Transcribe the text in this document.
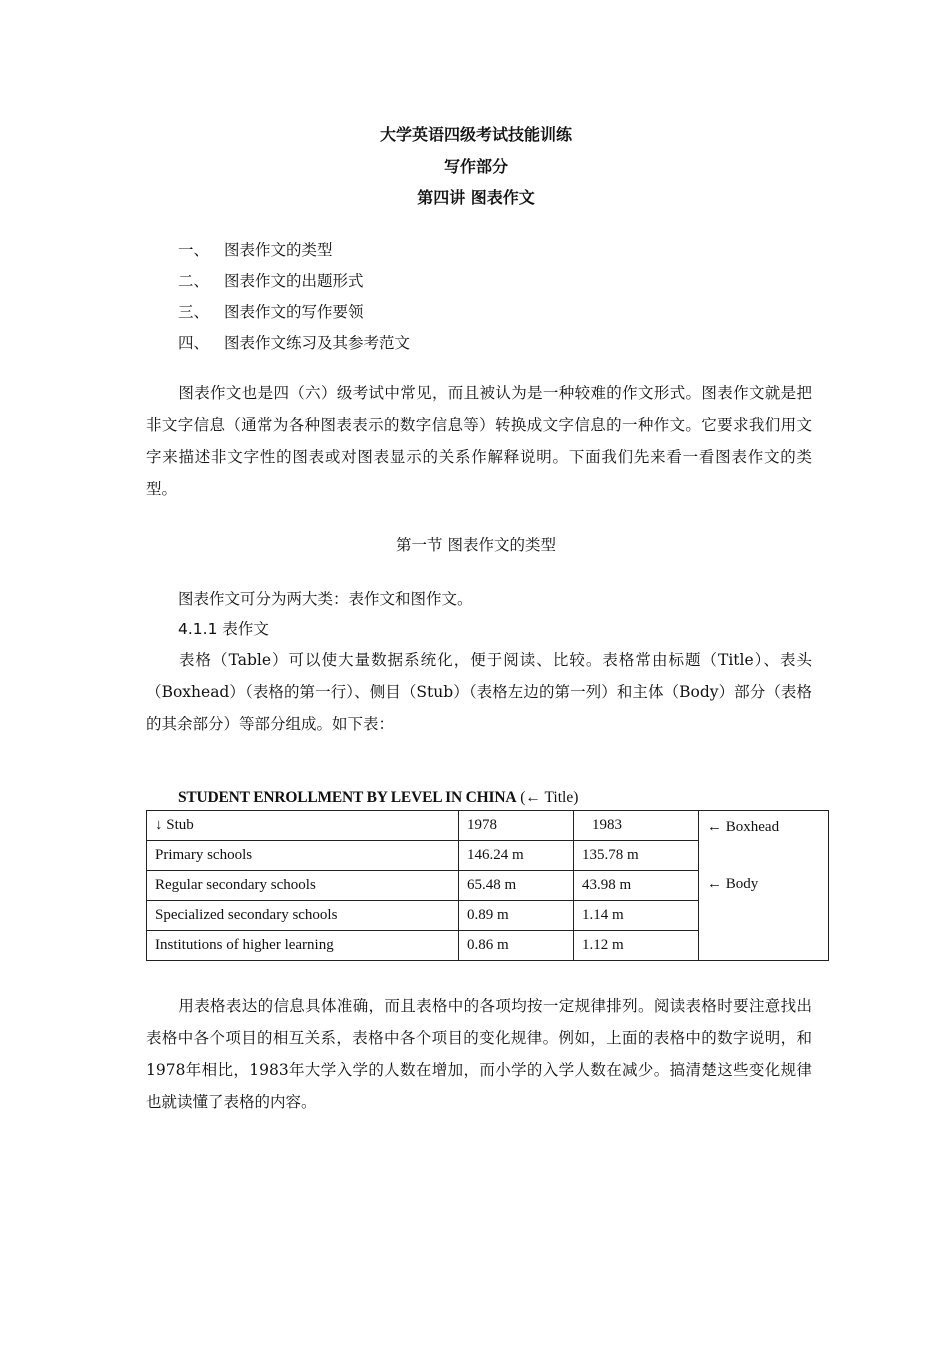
大学英语四级考试技能训练
写作部分
第四讲 图表作文
一、 图表作文的类型
二、 图表作文的出题形式
三、 图表作文的写作要领
四、 图表作文练习及其参考范文
图表作文也是四（六）级考试中常见，而且被认为是一种较难的作文形式。图表作文就是把非文字信息（通常为各种图表表示的数字信息等）转换成文字信息的一种作文。它要求我们用文字来描述非文字性的图表或对图表显示的关系作解释说明。下面我们先来看一看图表作文的类型。
第一节 图表作文的类型
图表作文可分为两大类：表作文和图作文。
4.1.1 表作文
表格（Table）可以使大量数据系统化，便于阅读、比较。表格常由标题（Title）、表头（Boxhead）（表格的第一行）、侧目（Stub）（表格左边的第一列）和主体（Body）部分（表格的其余部分）等部分组成。如下表：
STUDENT ENROLLMENT BY LEVEL IN CHINA (← Title)
↓ Stub	1978	1983	← Boxhead
← Body

Primary schools	146.24 m	135.78 m	
Regular secondary schools	65.48 m	43.98 m	
Specialized secondary schools	0.89 m	1.14 m	
Institutions of higher learning	0.86 m	1.12 m	
用表格表达的信息具体准确，而且表格中的各项均按一定规律排列。阅读表格时要注意找出表格中各个项目的相互关系，表格中各个项目的变化规律。例如，上面的表格中的数字说明，和1978年相比，1983年大学入学的人数在增加，而小学的入学人数在减少。搞清楚这些变化规律也就读懂了表格的内容。
